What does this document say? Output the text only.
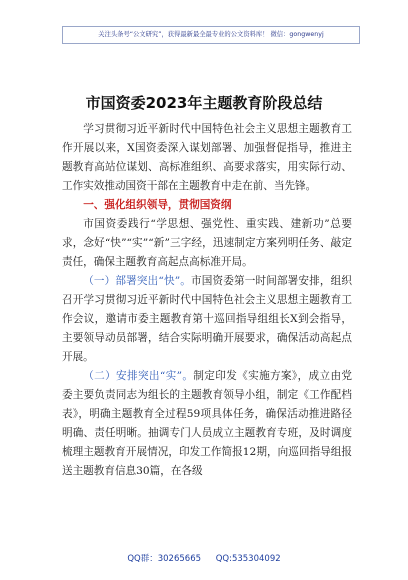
关注头条号“公文研究”，获得最新最全最专业的公文资料库！ 微信：gongwenyj
市国资委2023年主题教育阶段总结

学习贯彻习近平新时代中国特色社会主义思想主题教育工作开展以来，X国资委深入谋划部署、加强督促指导，推进主题教育高站位谋划、高标准组织、高要求落实，用实际行动、工作实效推动国资干部在主题教育中走在前、当先锋。

一、强化组织领导，贯彻国资纲

市国资委践行“学思想、强党性、重实践、建新功”总要求，念好“快”“实”“新”三字经，迅速制定方案列明任务、敲定责任，确保主题教育高起点高标准开局。

（一）部署突出“快”。市国资委第一时间部署安排，组织召开学习贯彻习近平新时代中国特色社会主义思想主题教育工作会议，邀请市委主题教育第十巡回指导组组长X到会指导，主要领导动员部署，结合实际明确开展要求，确保活动高起点开展。

（二）安排突出“实”。制定印发《实施方案》，成立由党委主要负责同志为组长的主题教育领导小组，制定《工作配档表》，明确主题教育全过程59项具体任务，确保活动推进路径明确、责任明晰。抽调专门人员成立主题教育专班，及时调度梳理主题教育开展情况，印发工作简报12期，向巡回指导组报送主题教育信息30篇，在各级

QQ群：30265665 QQ:535304092
